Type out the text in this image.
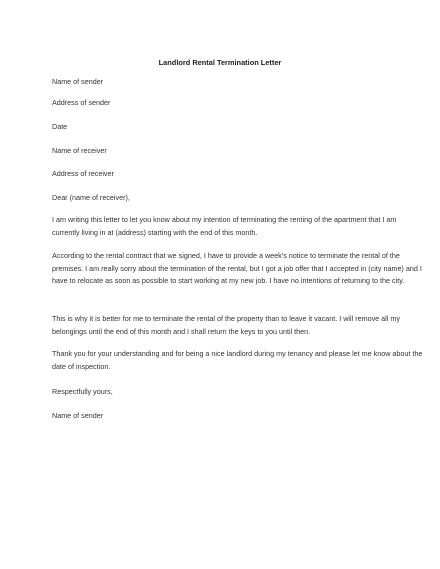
Landlord Rental Termination Letter
Name of sender
Address of sender
Date
Name of receiver
Address of receiver
Dear (name of receiver),
I am writing this letter to let you know about my intention of terminating the renting of the apartment that I am currently living in at (address) starting with the end of this month.
According to the rental contract that we signed, I have to provide a week’s notice to terminate the rental of the premises. I am really sorry about the termination of the rental, but I got a job offer that I accepted in (city name) and I have to relocate as soon as possible to start working at my new job. I have no intentions of returning to the city.
This is why it is better for me to terminate the rental of the property than to leave it vacant. I will remove all my belongings until the end of this month and I shall return the keys to you until then.
Thank you for your understanding and for being a nice landlord during my tenancy and please let me know about the date of inspection.
Respectfully yours,
Name of sender
